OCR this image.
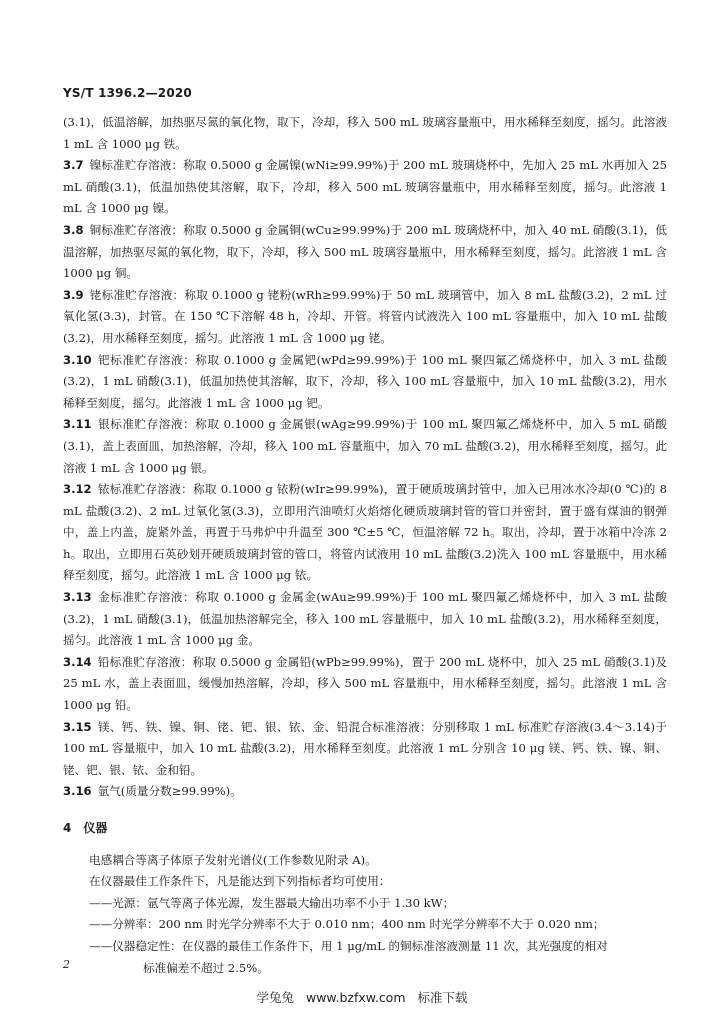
YS/T 1396.2—2020

(3.1)，低温溶解，加热驱尽氮的氧化物，取下，冷却，移入 500 mL 玻璃容量瓶中，用水稀释至刻度，摇匀。此溶液 1 mL 含 1000 μg 铁。

3.7 镍标准贮存溶液：称取 0.5000 g 金属镍(wNi≥99.99%)于 200 mL 玻璃烧杯中，先加入 25 mL 水再加入 25 mL 硝酸(3.1)，低温加热使其溶解，取下，冷却，移入 500 mL 玻璃容量瓶中，用水稀释至刻度，摇匀。此溶液 1 mL 含 1000 μg 镍。

3.8 铜标准贮存溶液：称取 0.5000 g 金属铜(wCu≥99.99%)于 200 mL 玻璃烧杯中，加入 40 mL 硝酸(3.1)，低温溶解，加热驱尽氮的氧化物，取下，冷却，移入 500 mL 玻璃容量瓶中，用水稀释至刻度，摇匀。此溶液 1 mL 含 1000 μg 铜。

3.9 铑标准贮存溶液：称取 0.1000 g 铑粉(wRh≥99.99%)于 50 mL 玻璃管中，加入 8 mL 盐酸(3.2)，2 mL 过氧化氢(3.3)，封管。在 150 ℃下溶解 48 h，冷却、开管。将管内试液洗入 100 mL 容量瓶中，加入 10 mL 盐酸(3.2)，用水稀释至刻度，摇匀。此溶液 1 mL 含 1000 μg 铑。

3.10 钯标准贮存溶液：称取 0.1000 g 金属钯(wPd≥99.99%)于 100 mL 聚四氟乙烯烧杯中，加入 3 mL 盐酸(3.2)，1 mL 硝酸(3.1)，低温加热使其溶解，取下，冷却，移入 100 mL 容量瓶中，加入 10 mL 盐酸(3.2)，用水稀释至刻度，摇匀。此溶液 1 mL 含 1000 μg 钯。

3.11 银标准贮存溶液：称取 0.1000 g 金属银(wAg≥99.99%)于 100 mL 聚四氟乙烯烧杯中，加入 5 mL 硝酸(3.1)，盖上表面皿，加热溶解，冷却，移入 100 mL 容量瓶中，加入 70 mL 盐酸(3.2)，用水稀释至刻度，摇匀。此溶液 1 mL 含 1000 μg 银。

3.12 铱标准贮存溶液：称取 0.1000 g 铱粉(wIr≥99.99%)，置于硬质玻璃封管中，加入已用冰水冷却(0 ℃)的 8 mL 盐酸(3.2)、2 mL 过氧化氢(3.3)，立即用汽油喷灯火焰熔化硬质玻璃封管的管口并密封，置于盛有煤油的钢弹中，盖上内盖，旋紧外盖，再置于马弗炉中升温至 300 ℃±5 ℃，恒温溶解 72 h。取出，冷却，置于冰箱中冷冻 2 h。取出，立即用石英砂划开硬质玻璃封管的管口，将管内试液用 10 mL 盐酸(3.2)洗入 100 mL 容量瓶中，用水稀释至刻度，摇匀。此溶液 1 mL 含 1000 μg 铱。

3.13 金标准贮存溶液：称取 0.1000 g 金属金(wAu≥99.99%)于 100 mL 聚四氟乙烯烧杯中，加入 3 mL 盐酸(3.2)，1 mL 硝酸(3.1)，低温加热溶解完全，移入 100 mL 容量瓶中，加入 10 mL 盐酸(3.2)，用水稀释至刻度，摇匀。此溶液 1 mL 含 1000 μg 金。

3.14 铅标准贮存溶液：称取 0.5000 g 金属铅(wPb≥99.99%)，置于 200 mL 烧杯中，加入 25 mL 硝酸(3.1)及 25 mL 水，盖上表面皿，缓慢加热溶解，冷却，移入 500 mL 容量瓶中，用水稀释至刻度，摇匀。此溶液 1 mL 含 1000 μg 铅。

3.15 镁、钙、铁、镍、铜、铑、钯、银、铱、金、铅混合标准溶液：分别移取 1 mL 标准贮存溶液(3.4～3.14)于 100 mL 容量瓶中，加入 10 mL 盐酸(3.2)，用水稀释至刻度。此溶液 1 mL 分别含 10 μg 镁、钙、铁、镍、铜、铑、钯、银、铱、金和铅。

3.16 氩气(质量分数≥99.99%)。

4 仪器

电感耦合等离子体原子发射光谱仪(工作参数见附录 A)。

在仪器最佳工作条件下，凡是能达到下列指标者均可使用：

——光源：氩气等离子体光源，发生器最大输出功率不小于 1.30 kW；

——分辨率：200 nm 时光学分辨率不大于 0.010 nm；400 nm 时光学分辨率不大于 0.020 nm；

——仪器稳定性：在仪器的最佳工作条件下，用 1 μg/mL 的铜标准溶液测量 11 次，其光强度的相对

标准偏差不超过 2.5%。

2
学兔兔 www.bzfxw.com 标准下载
